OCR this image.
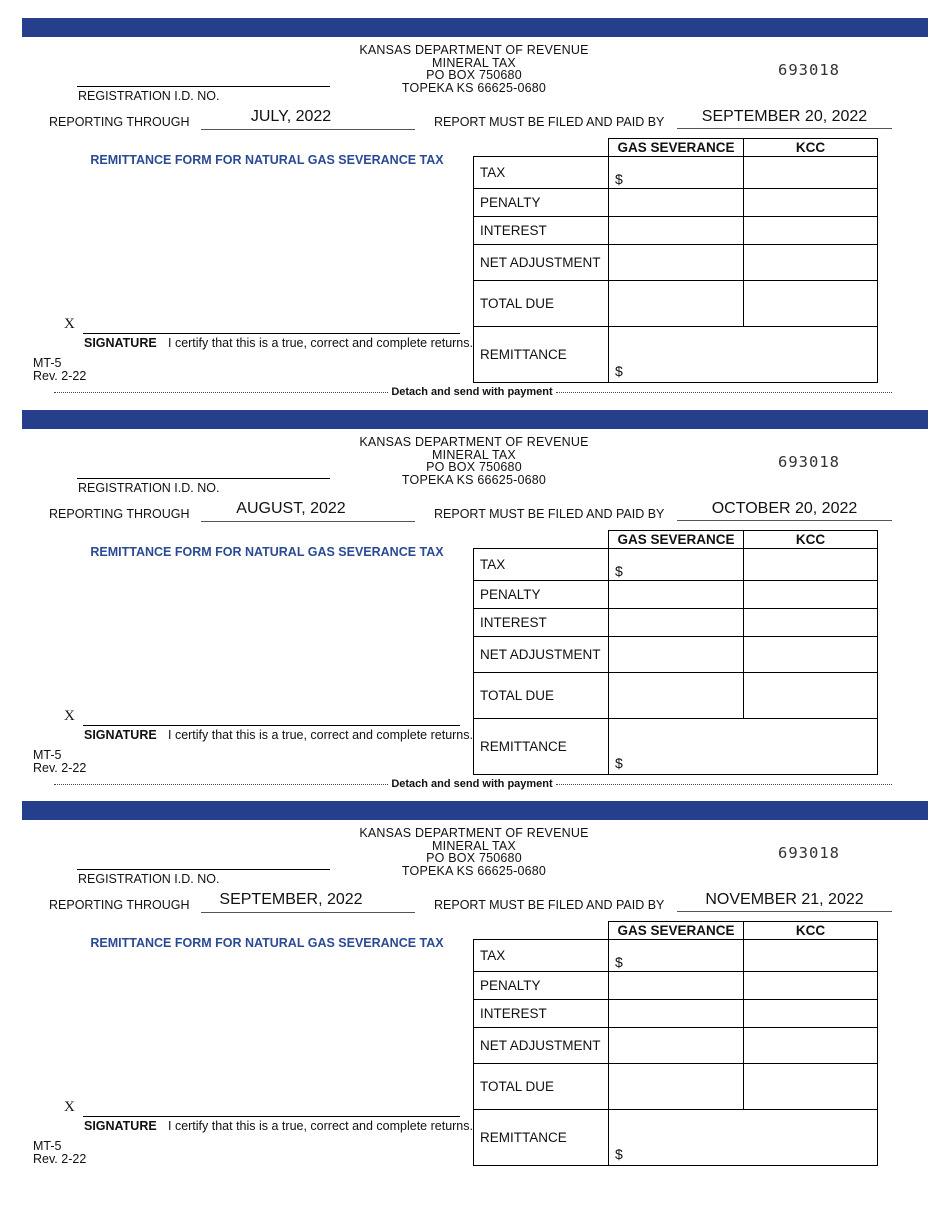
KANSAS DEPARTMENT OF REVENUE
MINERAL TAX
PO BOX 750680
TOPEKA KS 66625-0680
693018
REGISTRATION I.D. NO.
REPORTING THROUGH	JULY, 2022	REPORT MUST BE FILED AND PAID BY	SEPTEMBER 20, 2022
REMITTANCE FORM FOR NATURAL GAS SEVERANCE TAX
	GAS SEVERANCE	KCC
TAX	$	
PENALTY		
INTEREST		
NET ADJUSTMENT		
TOTAL DUE		
REMITTANCE	$	
X
SIGNATURE I certify that this is a true, correct and complete returns.
MT-5
Rev. 2-22
Detach and send with payment
KANSAS DEPARTMENT OF REVENUE
MINERAL TAX
PO BOX 750680
TOPEKA KS 66625-0680
693018
REGISTRATION I.D. NO.
REPORTING THROUGH	AUGUST, 2022	REPORT MUST BE FILED AND PAID BY	OCTOBER 20, 2022
REMITTANCE FORM FOR NATURAL GAS SEVERANCE TAX
	GAS SEVERANCE	KCC
TAX	$	
PENALTY		
INTEREST		
NET ADJUSTMENT		
TOTAL DUE		
REMITTANCE	$	
X
SIGNATURE I certify that this is a true, correct and complete returns.
MT-5
Rev. 2-22
Detach and send with payment
KANSAS DEPARTMENT OF REVENUE
MINERAL TAX
PO BOX 750680
TOPEKA KS 66625-0680
693018
REGISTRATION I.D. NO.
REPORTING THROUGH	SEPTEMBER, 2022	REPORT MUST BE FILED AND PAID BY	NOVEMBER 21, 2022
REMITTANCE FORM FOR NATURAL GAS SEVERANCE TAX
	GAS SEVERANCE	KCC
TAX	$	
PENALTY		
INTEREST		
NET ADJUSTMENT		
TOTAL DUE		
REMITTANCE	$	
X
SIGNATURE I certify that this is a true, correct and complete returns.
MT-5
Rev. 2-22
